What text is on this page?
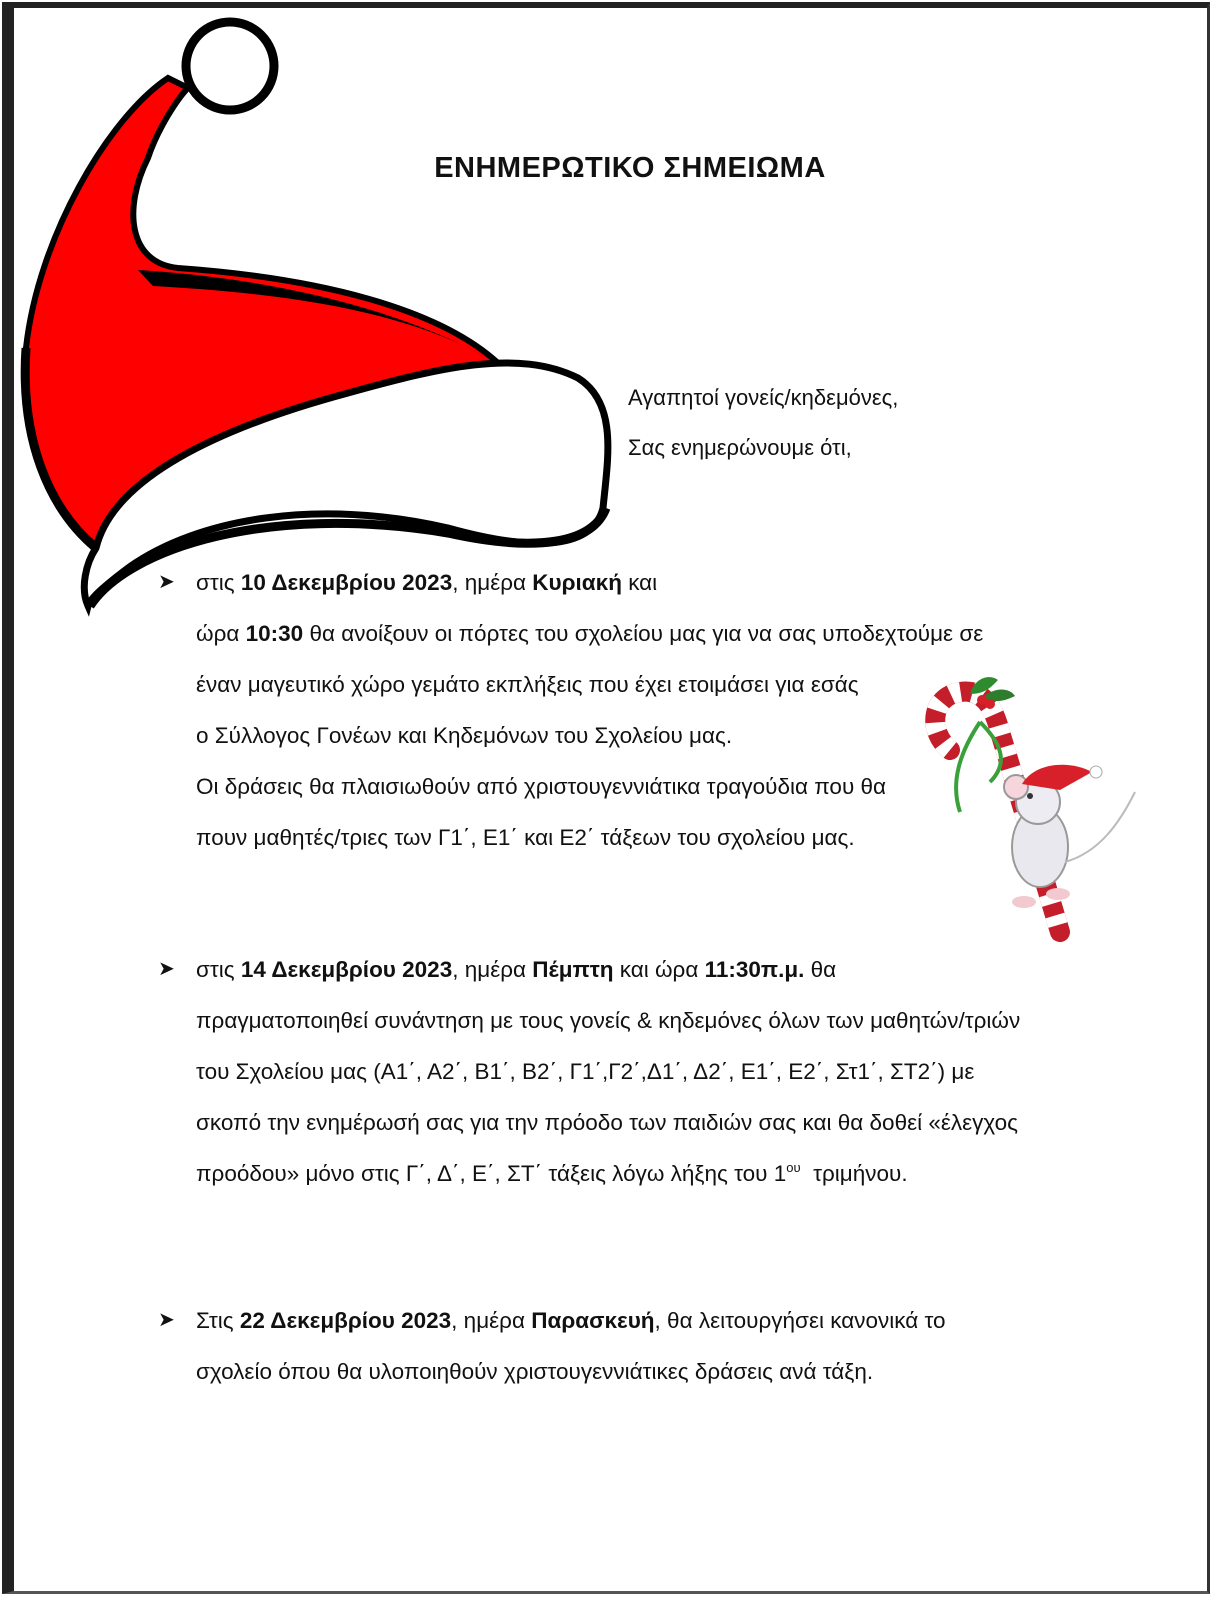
ΕΝΗΜΕΡΩΤΙΚΟ ΣΗΜΕΙΩΜΑ
Αγαπητοί γονείς/κηδεμόνες,
Σας ενημερώνουμε ότι,
➤ στις 10 Δεκεμβρίου 2023, ημέρα Κυριακή και

ώρα 10:30 θα ανοίξουν οι πόρτες του σχολείου μας για να σας υποδεχτούμε σε

έναν μαγευτικό χώρο γεμάτο εκπλήξεις που έχει ετοιμάσει για εσάς

ο Σύλλογος Γονέων και Κηδεμόνων του Σχολείου μας.

Οι δράσεις θα πλαισιωθούν από χριστουγεννιάτικα τραγούδια που θα

πουν μαθητές/τριες των Γ1΄, Ε1΄ και Ε2΄ τάξεων του σχολείου μας.

➤ στις 14 Δεκεμβρίου 2023, ημέρα Πέμπτη και ώρα 11:30π.μ. θα

πραγματοποιηθεί συνάντηση με τους γονείς & κηδεμόνες όλων των μαθητών/τριών

του Σχολείου μας (Α1΄, Α2΄, Β1΄, Β2΄, Γ1΄,Γ2΄,Δ1΄, Δ2΄, Ε1΄, Ε2΄, Στ1΄, ΣΤ2΄) με

σκοπό την ενημέρωσή σας για την πρόοδο των παιδιών σας και θα δοθεί «έλεγχος

προόδου» μόνο στις Γ΄, Δ΄, Ε΄, ΣΤ΄ τάξεις λόγω λήξης του $1^{o\upsilon}$  τριμήνου.

➤ Στις 22 Δεκεμβρίου 2023, ημέρα Παρασκευή, θα λειτουργήσει κανονικά το

σχολείο όπου θα υλοποιηθούν χριστουγεννιάτικες δράσεις ανά τάξη.
